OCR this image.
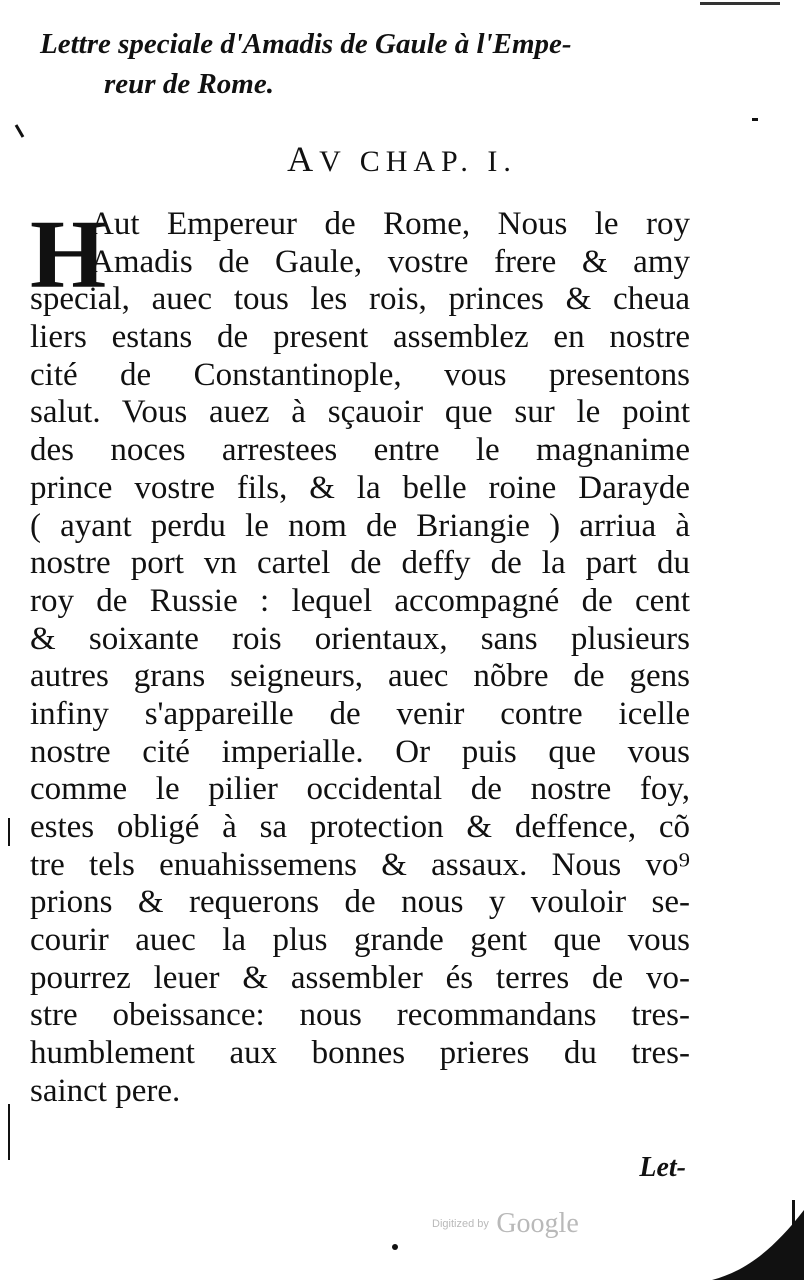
Lettre speciale d'Amadis de Gaule à l'Empe-
reur de Rome.
AV CHAP. I.
H
Aut Empereur de Rome, Nous le roy
Amadis de Gaule, vostre frere & amy
special, auec tous les rois, princes & cheua
liers estans de present assemblez en nostre
cité de Constantinople, vous presentons
salut. Vous auez à sçauoir que sur le point
des noces arrestees entre le magnanime
prince vostre fils, & la belle roine Darayde
( ayant perdu le nom de Briangie ) arriua à
nostre port vn cartel de deffy de la part du
roy de Russie : lequel accompagné de cent
& soixante rois orientaux, sans plusieurs
autres grans seigneurs, auec nõbre de gens
infiny s'appareille de venir contre icelle
nostre cité imperialle. Or puis que vous
comme le pilier occidental de nostre foy,
estes obligé à sa protection & deffence, cõ
tre tels enuahissemens & assaux. Nous vo⁹
prions & requerons de nous y vouloir se-
courir auec la plus grande gent que vous
pourrez leuer & assembler és terres de vo-
stre obeissance: nous recommandans tres-
humblement aux bonnes prieres du tres-
sainct pere.
Let-
Digitized by Google
